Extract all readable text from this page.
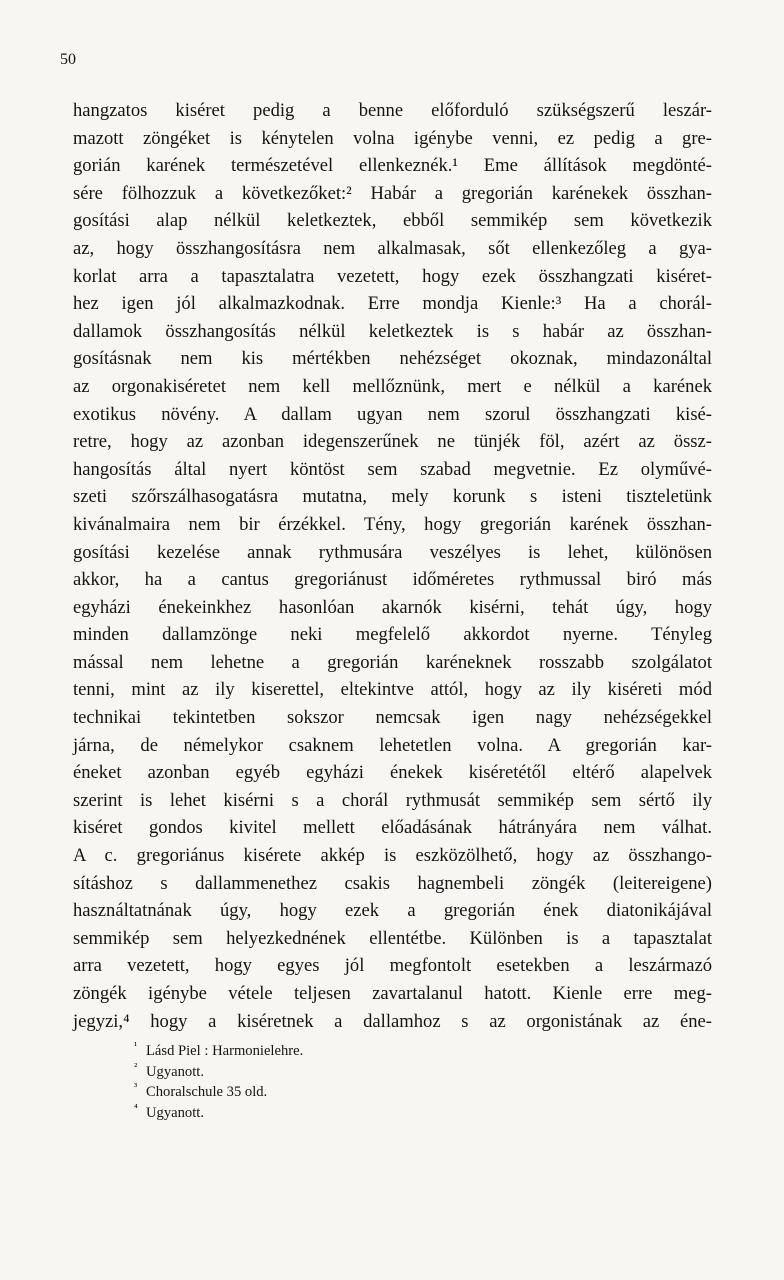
50
hangzatos kiséret pedig a benne előforduló szükségszerű leszár-
mazott zöngéket is kénytelen volna igénybe venni, ez pedig a gre-
gorián karének természetével ellenkeznék.¹ Eme állítások megdönté-
sére fölhozzuk a következőket:² Habár a gregorián karénekek összhan-
gosítási alap nélkül keletkeztek, ebből semmikép sem következik
az, hogy összhangosításra nem alkalmasak, sőt ellenkezőleg a gya-
korlat arra a tapasztalatra vezetett, hogy ezek összhangzati kiséret-
hez igen jól alkalmazkodnak. Erre mondja Kienle:³ Ha a chorál-
dallamok összhangosítás nélkül keletkeztek is s habár az összhan-
gosításnak nem kis mértékben nehézséget okoznak, mindazonáltal
az orgonakiséretet nem kell mellőznünk, mert e nélkül a karének
exotikus növény. A dallam ugyan nem szorul összhangzati kisé-
retre, hogy az azonban idegenszerűnek ne tünjék föl, azért az össz-
hangosítás által nyert köntöst sem szabad megvetnie. Ez olyművé-
szeti szőrszálhasogatásra mutatna, mely korunk s isteni tiszteletünk
kivánalmaira nem bir érzékkel. Tény, hogy gregorián karének összhan-
gosítási kezelése annak rythmusára veszélyes is lehet, különösen
akkor, ha a cantus gregoriánust időméretes rythmussal biró más
egyházi énekeinkhez hasonlóan akarnók kisérni, tehát úgy, hogy
minden dallamzönge neki megfelelő akkordot nyerne. Tényleg
mással nem lehetne a gregorián karéneknek rosszabb szolgálatot
tenni, mint az ily kiserettel, eltekintve attól, hogy az ily kiséreti mód
technikai tekintetben sokszor nemcsak igen nagy nehézségekkel
járna, de némelykor csaknem lehetetlen volna. A gregorián kar-
éneket azonban egyéb egyházi énekek kiséretétől eltérő alapelvek
szerint is lehet kisérni s a chorál rythmusát semmikép sem sértő ily
kiséret gondos kivitel mellett előadásának hátrányára nem válhat.
A c. gregoriánus kisérete akkép is eszközölhető, hogy az összhango-
sításhoz s dallammenethez csakis hagnembeli zöngék (leitereigene)
használtatnának úgy, hogy ezek a gregorián ének diatonikájával
semmikép sem helyezkednének ellentétbe. Különben is a tapasztalat
arra vezetett, hogy egyes jól megfontolt esetekben a leszármazó
zöngék igénybe vétele teljesen zavartalanul hatott. Kienle erre meg-
jegyzi,⁴ hogy a kiséretnek a dallamhoz s az orgonistának az éne-
¹ Lásd Piel : Harmonielehre.
² Ugyanott.
³ Choralschule 35 old.
⁴ Ugyanott.
